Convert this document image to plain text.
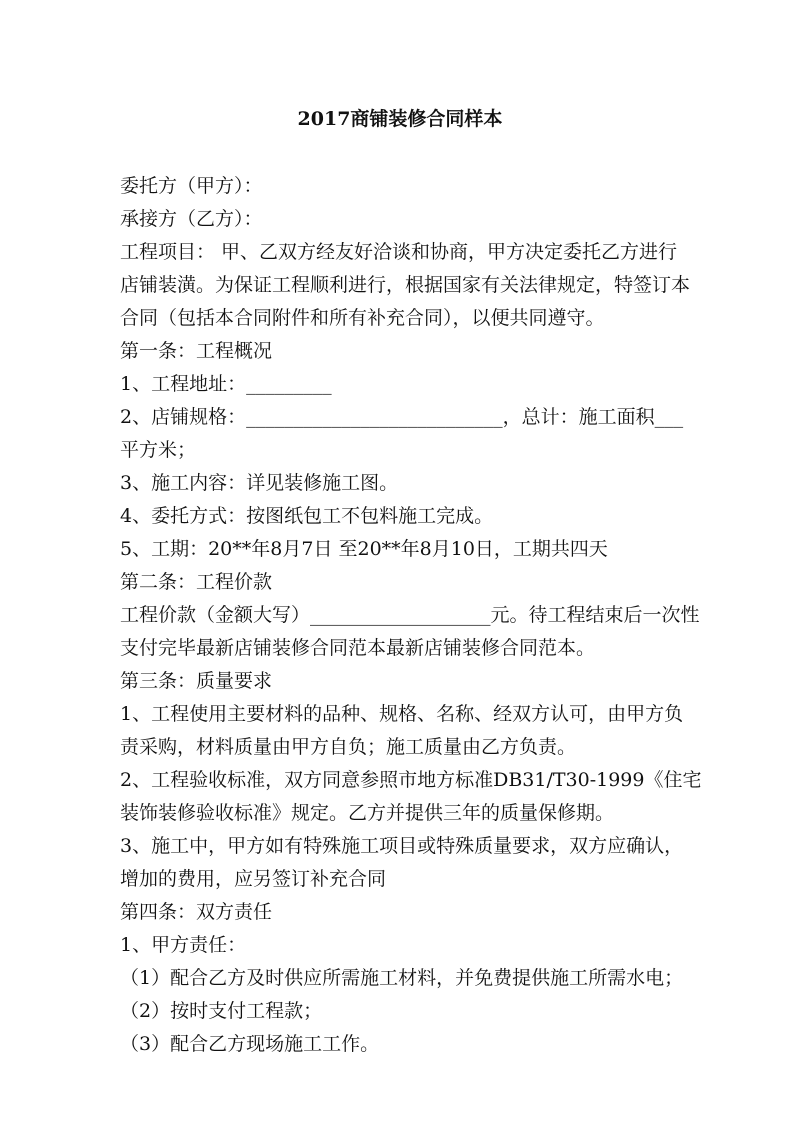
2017商铺装修合同样本

委托方（甲方）：

承接方（乙方）：

工程项目： 甲、乙双方经友好洽谈和协商，甲方决定委托乙方进行

店铺装潢。为保证工程顺利进行，根据国家有关法律规定，特签订本

合同（包括本合同附件和所有补充合同），以便共同遵守。

第一条：工程概况

1、工程地址：_________

2、店铺规格：___________________________，总计：施工面积___

平方米；

3、施工内容：详见装修施工图。

4、委托方式：按图纸包工不包料施工完成。

5、工期：20**年8月7日 至20**年8月10日，工期共四天

第二条：工程价款

工程价款（金额大写）___________________元。待工程结束后一次性

支付完毕最新店铺装修合同范本最新店铺装修合同范本。

第三条：质量要求

1、工程使用主要材料的品种、规格、名称、经双方认可，由甲方负

责采购，材料质量由甲方自负；施工质量由乙方负责。

2、工程验收标准，双方同意参照市地方标准DB31/T30-1999《住宅

装饰装修验收标准》规定。乙方并提供三年的质量保修期。

3、施工中，甲方如有特殊施工项目或特殊质量要求，双方应确认，

增加的费用，应另签订补充合同

第四条：双方责任

1、甲方责任：

（1）配合乙方及时供应所需施工材料，并免费提供施工所需水电；

（2）按时支付工程款；

（3）配合乙方现场施工工作。
